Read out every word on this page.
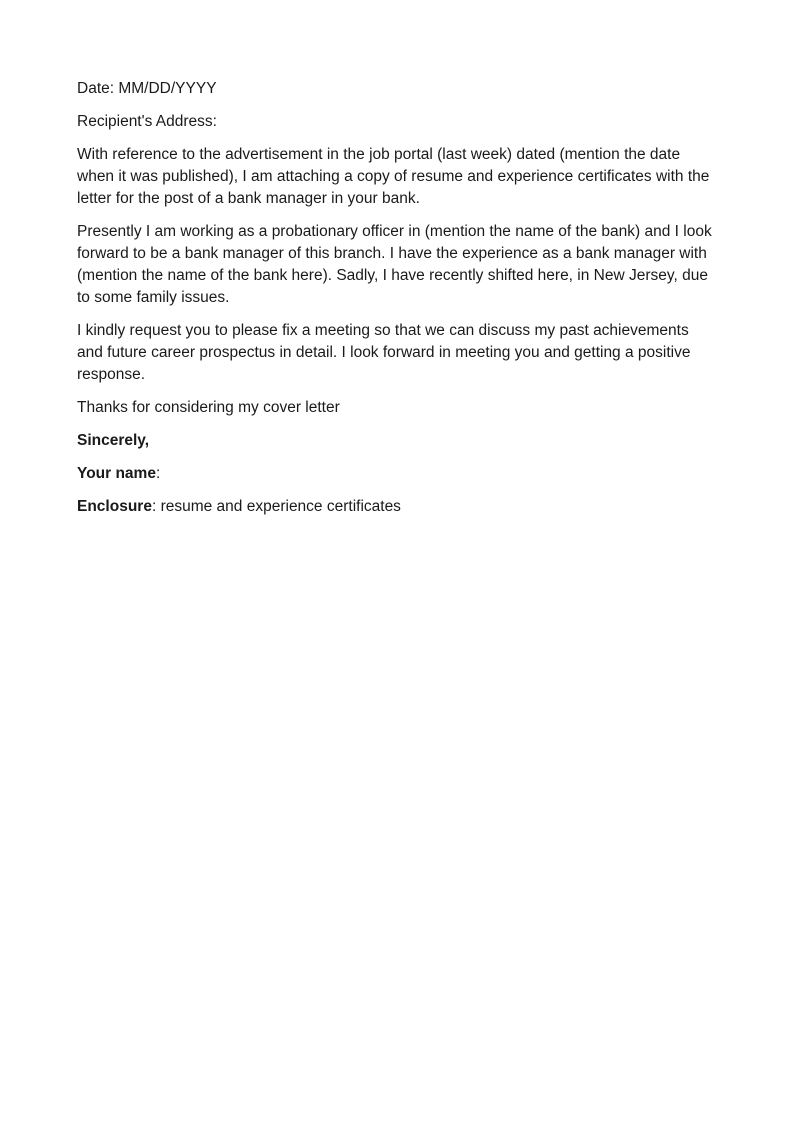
Date: MM/DD/YYYY

Recipient's Address:

With reference to the advertisement in the job portal (last week) dated (mention the date when it was published), I am attaching a copy of resume and experience certificates with the letter for the post of a bank manager in your bank.

Presently I am working as a probationary officer in (mention the name of the bank) and I look forward to be a bank manager of this branch. I have the experience as a bank manager with (mention the name of the bank here). Sadly, I have recently shifted here, in New Jersey, due to some family issues.

I kindly request you to please fix a meeting so that we can discuss my past achievements and future career prospectus in detail. I look forward in meeting you and getting a positive response.

Thanks for considering my cover letter

Sincerely,

Your name:

Enclosure: resume and experience certificates
